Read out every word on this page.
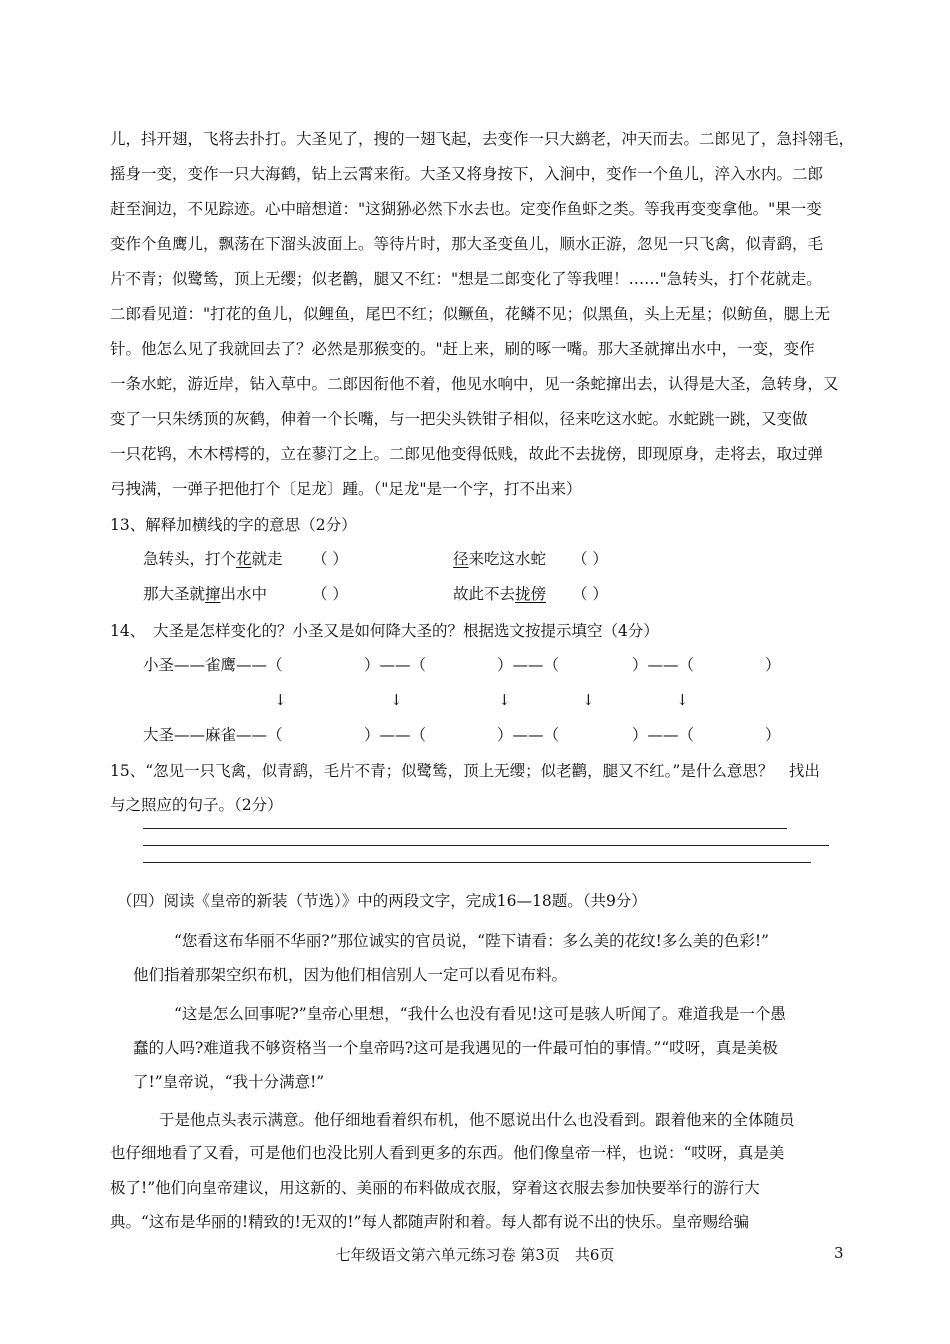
儿，抖开翅，飞将去扑打。大圣见了，搜的一翅飞起，去变作一只大鹚老，冲天而去。二郎见了，急抖翎毛，
摇身一变，变作一只大海鹤，钻上云霄来衔。大圣又将身按下，入涧中，变作一个鱼儿，淬入水内。二郎
赶至涧边，不见踪迹。心中暗想道："这猢狲必然下水去也。定变作鱼虾之类。等我再变变拿他。"果一变
变作个鱼鹰儿，飘荡在下溜头波面上。等待片时，那大圣变鱼儿，顺水正游，忽见一只飞禽，似青鹞，毛
片不青；似鹭鸶，顶上无缨；似老鹳，腿又不红："想是二郎变化了等我哩！……"急转头，打个花就走。
二郎看见道："打花的鱼儿，似鲤鱼，尾巴不红；似鳜鱼，花鳞不见；似黑鱼，头上无星；似鲂鱼，腮上无
针。他怎么见了我就回去了？必然是那猴变的。"赶上来，刷的啄一嘴。那大圣就撺出水中，一变，变作
一条水蛇，游近岸，钻入草中。二郎因衔他不着，他见水响中，见一条蛇撺出去，认得是大圣，急转身，又
变了一只朱绣顶的灰鹤，伸着一个长嘴，与一把尖头铁钳子相似，径来吃这水蛇。水蛇跳一跳，又变做
一只花鸨，木木樗樗的，立在蓼汀之上。二郎见他变得低贱，故此不去拢傍，即现原身，走将去，取过弹
弓拽满，一弹子把他打个〔足龙〕踵。（"足龙"是一个字，打不出来）
13、解释加横线的字的意思（2分）
急转头，打个花就走 （ ）	径来吃这水蛇 （ ）
那大圣就撺出水中	（ ）	故此不去拢傍 （ ）
14、　大圣是怎样变化的？小圣又是如何降大圣的？根据选文按提示填空（4分）
小圣——雀鹰——（	）——（	）——（	）——（	）
↓	↓	↓	↓	↓
大圣——麻雀——（	）——（	）——（	）——（	）
15、“忽见一只飞禽，似青鹞，毛片不青；似鹭鸶，顶上无缨；似老鹳，腿又不红。”是什么意思？　找出
与之照应的句子。（2分）
（四）阅读《皇帝的新装（节选）》中的两段文字，完成16—18题。（共9分）
“您看这布华丽不华丽?”那位诚实的官员说，“陛下请看：多么美的花纹!多么美的色彩!”
他们指着那架空织布机，因为他们相信别人一定可以看见布料。
“这是怎么回事呢?”皇帝心里想，“我什么也没有看见!这可是骇人听闻了。难道我是一个愚
蠢的人吗?难道我不够资格当一个皇帝吗?这可是我遇见的一件最可怕的事情。”“哎呀，真是美极
了!”皇帝说，“我十分满意!”
于是他点头表示满意。他仔细地看着织布机，他不愿说出什么也没看到。跟着他来的全体随员
也仔细地看了又看，可是他们也没比别人看到更多的东西。他们像皇帝一样，也说：“哎呀，真是美
极了!”他们向皇帝建议，用这新的、美丽的布料做成衣服，穿着这衣服去参加快要举行的游行大
典。“这布是华丽的!精致的!无双的!”每人都随声附和着。每人都有说不出的快乐。皇帝赐给骗
七年级语文第六单元练习卷 第3页　共6页	3
